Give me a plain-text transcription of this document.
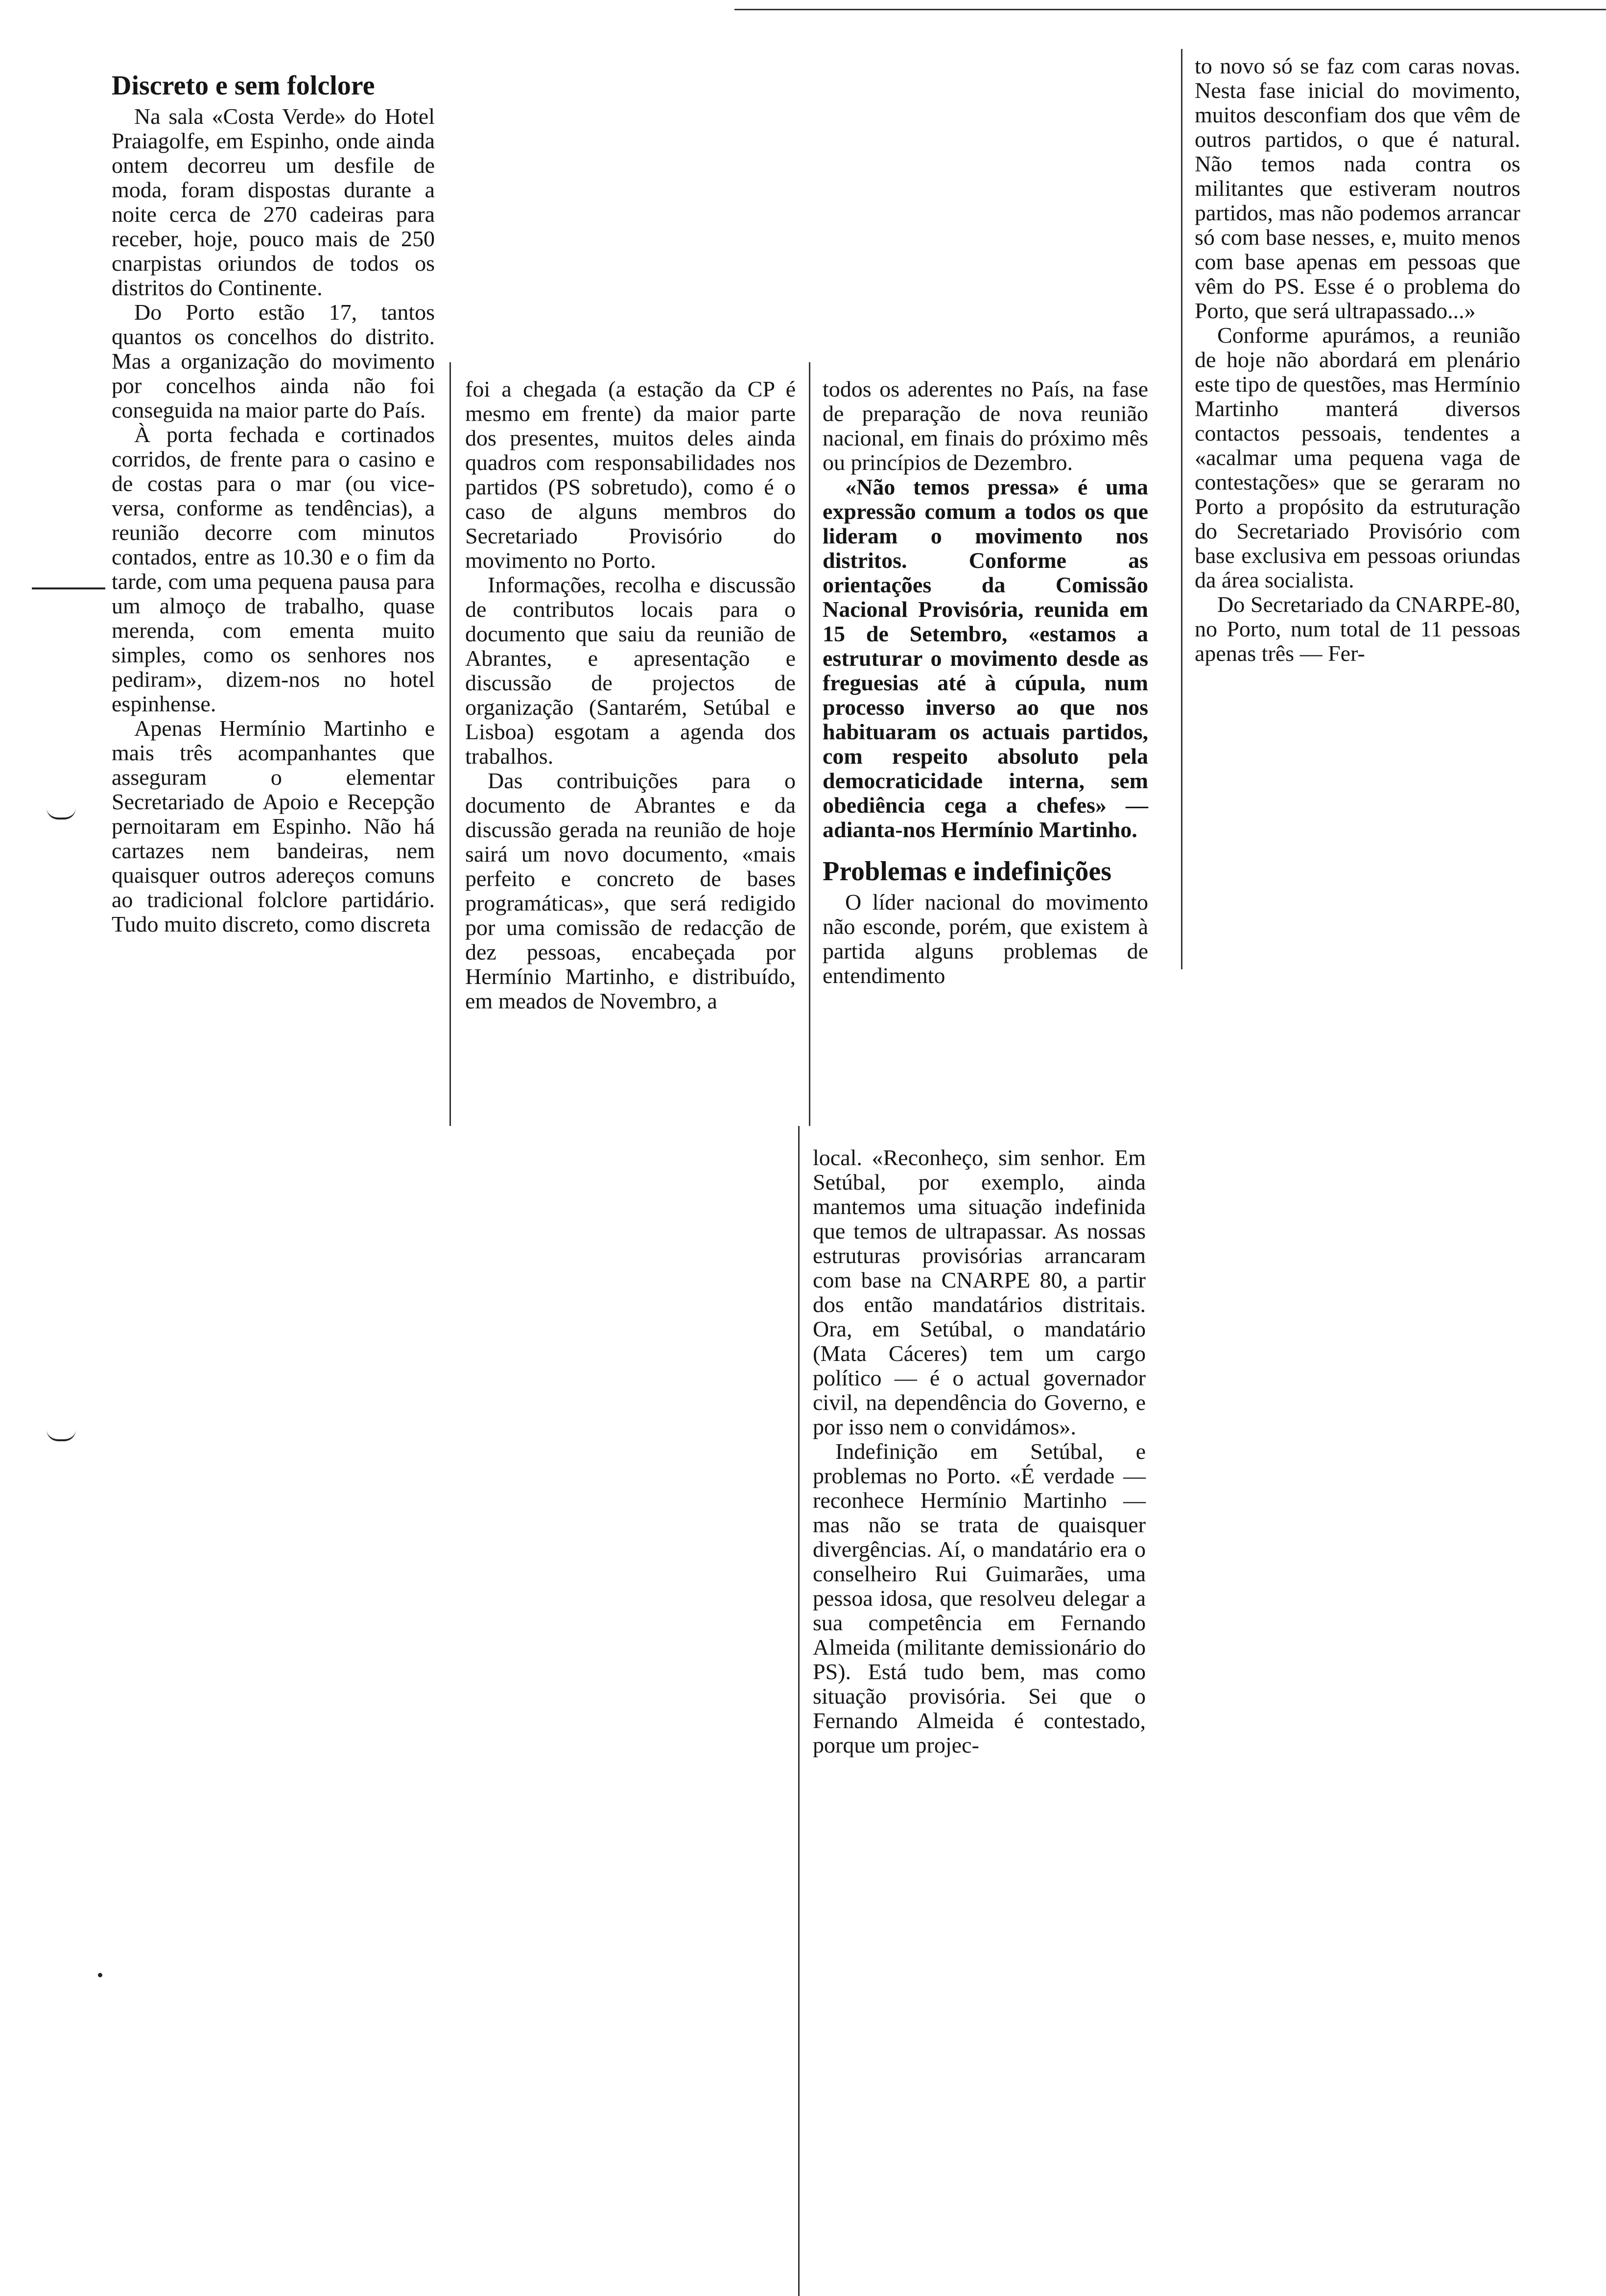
Discreto e sem folclore

Na sala «Costa Verde» do Hotel Praiagolfe, em Espinho, onde ainda ontem decorreu um desfile de moda, foram dispostas durante a noite cerca de 270 cadeiras para receber, hoje, pouco mais de 250 cnarpistas oriundos de todos os distritos do Continente.

Do Porto estão 17, tantos quantos os concelhos do distrito. Mas a organização do movimento por concelhos ainda não foi conseguida na maior parte do País.

À porta fechada e cortinados corridos, de frente para o casino e de costas para o mar (ou vice-versa, conforme as tendências), a reunião decorre com minutos contados, entre as 10.30 e o fim da tarde, com uma pequena pausa para um almoço de trabalho, quase merenda, com ementa muito simples, como os senhores nos pediram», dizem-nos no hotel espinhense.

Apenas Hermínio Martinho e mais três acompanhantes que asseguram o elementar Secretariado de Apoio e Recepção pernoitaram em Espinho. Não há cartazes nem bandeiras, nem quaisquer outros adereços comuns ao tradicional folclore partidário. Tudo muito discreto, como discreta

foi a chegada (a estação da CP é mesmo em frente) da maior parte dos presentes, muitos deles ainda quadros com responsabilidades nos partidos (PS sobretudo), como é o caso de alguns membros do Secretariado Provisório do movimento no Porto.

Informações, recolha e discussão de contributos locais para o documento que saiu da reunião de Abrantes, e apresentação e discussão de projectos de organização (Santarém, Setúbal e Lisboa) esgotam a agenda dos trabalhos.

Das contribuições para o documento de Abrantes e da discussão gerada na reunião de hoje sairá um novo documento, «mais perfeito e concreto de bases programáticas», que será redigido por uma comissão de redacção de dez pessoas, encabeçada por Hermínio Martinho, e distribuído, em meados de Novembro, a

todos os aderentes no País, na fase de preparação de nova reunião nacional, em finais do próximo mês ou princípios de Dezembro.

«Não temos pressa» é uma expressão comum a todos os que lideram o movimento nos distritos. Conforme as orientações da Comissão Nacional Provisória, reunida em 15 de Setembro, «estamos a estruturar o movimento desde as freguesias até à cúpula, num processo inverso ao que nos habituaram os actuais partidos, com respeito absoluto pela democraticidade interna, sem obediência cega a chefes» — adianta-nos Hermínio Martinho.

Problemas e indefinições

O líder nacional do movimento não esconde, porém, que existem à partida alguns problemas de entendimento

local. «Reconheço, sim senhor. Em Setúbal, por exemplo, ainda mantemos uma situação indefinida que temos de ultrapassar. As nossas estruturas provisórias arrancaram com base na CNARPE 80, a partir dos então mandatários distritais. Ora, em Setúbal, o mandatário (Mata Cáceres) tem um cargo político — é o actual governador civil, na dependência do Governo, e por isso nem o convidámos».

Indefinição em Setúbal, e problemas no Porto. «É verdade — reconhece Hermínio Martinho — mas não se trata de quaisquer divergências. Aí, o mandatário era o conselheiro Rui Guimarães, uma pessoa idosa, que resolveu delegar a sua competência em Fernando Almeida (militante demissionário do PS). Está tudo bem, mas como situação provisória. Sei que o Fernando Almeida é contestado, porque um projec-

to novo só se faz com caras novas. Nesta fase inicial do movimento, muitos desconfiam dos que vêm de outros partidos, o que é natural. Não temos nada contra os militantes que estiveram noutros partidos, mas não podemos arrancar só com base nesses, e, muito menos com base apenas em pessoas que vêm do PS. Esse é o problema do Porto, que será ultrapassado...»

Conforme apurámos, a reunião de hoje não abordará em plenário este tipo de questões, mas Hermínio Martinho manterá diversos contactos pessoais, tendentes a «acalmar uma pequena vaga de contestações» que se geraram no Porto a propósito da estruturação do Secretariado Provisório com base exclusiva em pessoas oriundas da área socialista.

Do Secretariado da CNARPE-80, no Porto, num total de 11 pessoas apenas três — Fer-
